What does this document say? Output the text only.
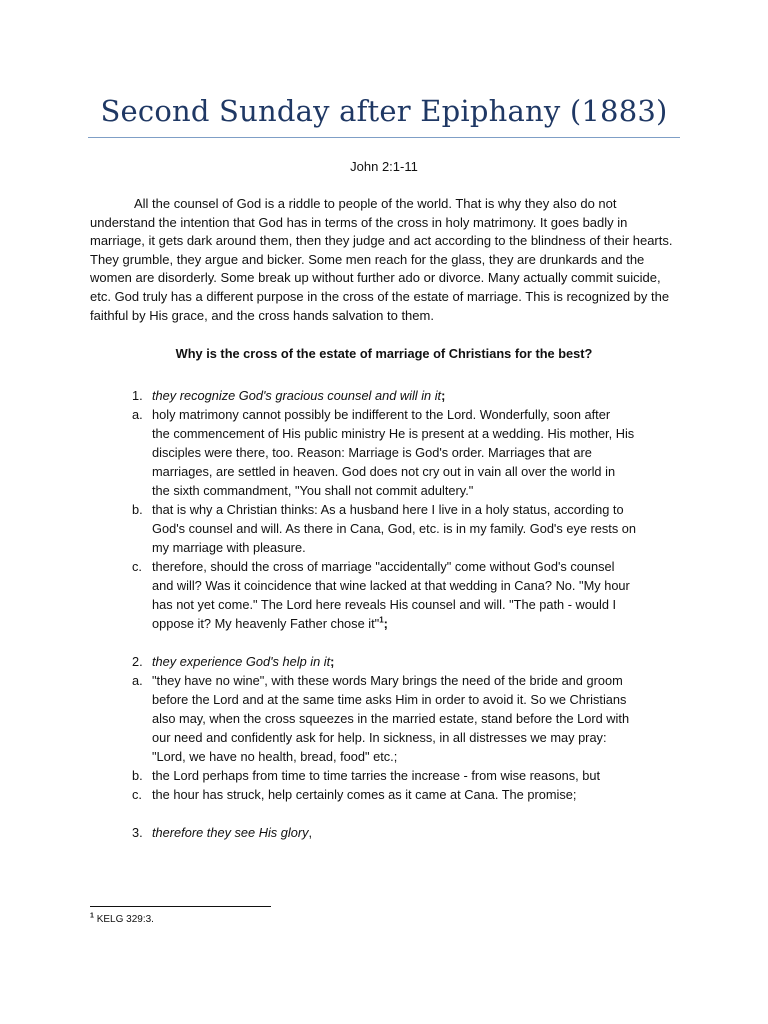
Second Sunday after Epiphany (1883)
John 2:1-11

All the counsel of God is a riddle to people of the world. That is why they also do not understand the intention that God has in terms of the cross in holy matrimony. It goes badly in marriage, it gets dark around them, then they judge and act according to the blindness of their hearts. They grumble, they argue and bicker. Some men reach for the glass, they are drunkards and the women are disorderly. Some break up without further ado or divorce. Many actually commit suicide, etc. God truly has a different purpose in the cross of the estate of marriage. This is recognized by the faithful by His grace, and the cross hands salvation to them.

Why is the cross of the estate of marriage of Christians for the best?
1. they recognize God's gracious counsel and will in it;
a. holy matrimony cannot possibly be indifferent to the Lord. Wonderfully, soon after
the commencement of His public ministry He is present at a wedding. His mother, His
disciples were there, too. Reason: Marriage is God's order. Marriages that are
marriages, are settled in heaven. God does not cry out in vain all over the world in
the sixth commandment, "You shall not commit adultery."
b. that is why a Christian thinks: As a husband here I live in a holy status, according to
God's counsel and will. As there in Cana, God, etc. is in my family. God's eye rests on
my marriage with pleasure.
c. therefore, should the cross of marriage "accidentally" come without God's counsel
and will? Was it coincidence that wine lacked at that wedding in Cana? No. "My hour
has not yet come." The Lord here reveals His counsel and will. "The path - would I
oppose it? My heavenly Father chose it"$^1$;
2. they experience God's help in it;
a. "they have no wine", with these words Mary brings the need of the bride and groom
before the Lord and at the same time asks Him in order to avoid it. So we Christians
also may, when the cross squeezes in the married estate, stand before the Lord with
our need and confidently ask for help. In sickness, in all distresses we may pray:
"Lord, we have no health, bread, food" etc.;
b. the Lord perhaps from time to time tarries the increase - from wise reasons, but
c. the hour has struck, help certainly comes as it came at Cana. The promise;
3. therefore they see His glory,
$^1$ KELG 329:3.
